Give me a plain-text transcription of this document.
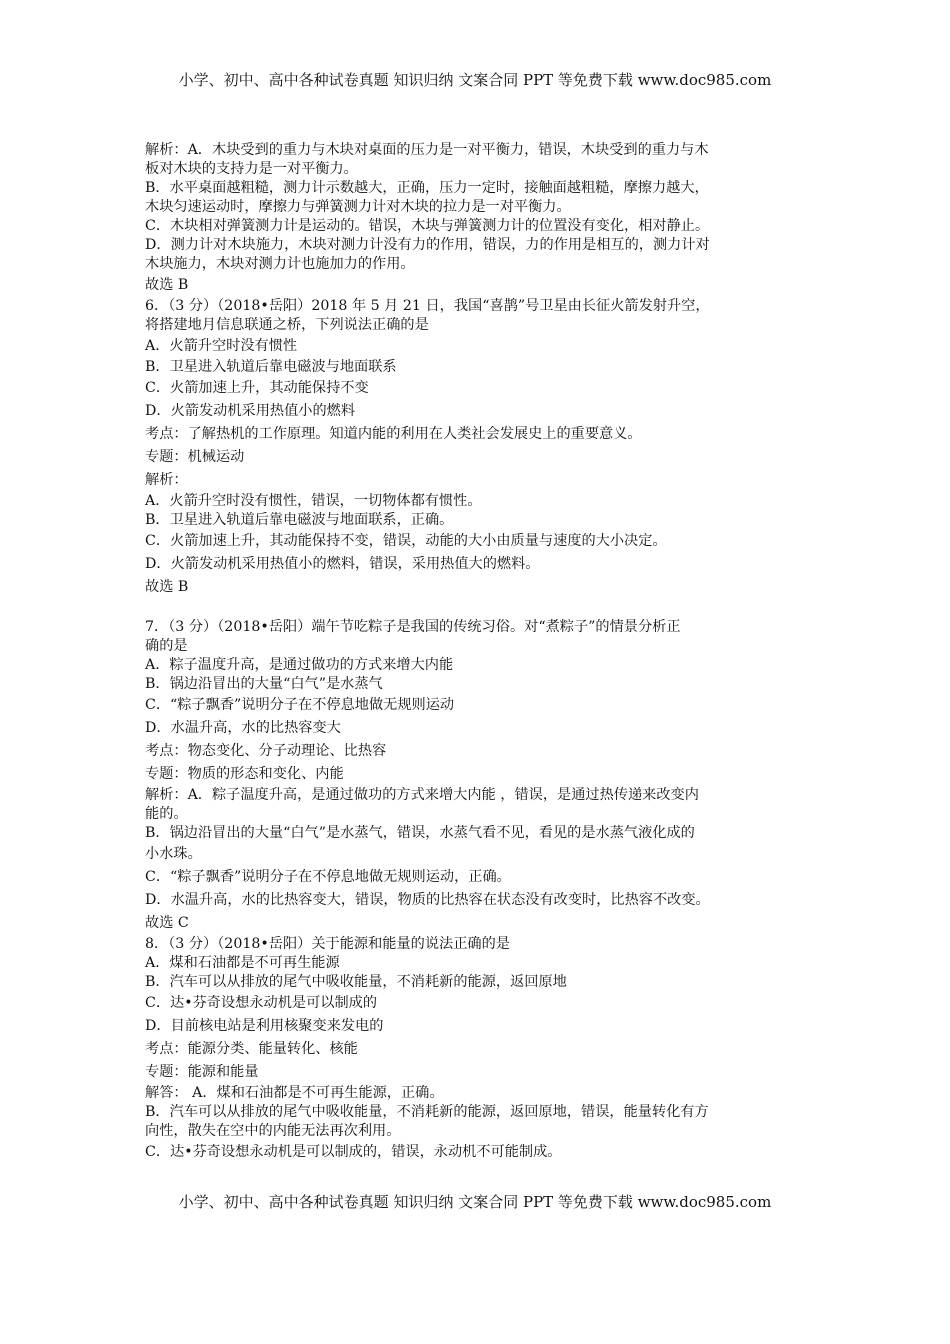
小学、初中、高中各种试卷真题 知识归纳 文案合同 PPT 等免费下载 www.doc985.com
解析：A．木块受到的重力与木块对桌面的压力是一对平衡力，错误，木块受到的重力与木
板对木块的支持力是一对平衡力。
B．水平桌面越粗糙，测力计示数越大，正确，压力一定时，接触面越粗糙，摩擦力越大，
木块匀速运动时，摩擦力与弹簧测力计对木块的拉力是一对平衡力。
C．木块相对弹簧测力计是运动的。错误，木块与弹簧测力计的位置没有变化，相对静止。
D．测力计对木块施力，木块对测力计没有力的作用，错误，力的作用是相互的，测力计对
木块施力，木块对测力计也施加力的作用。
故选 B
6．（3 分）（2018•岳阳）2018 年 5 月 21 日，我国“喜鹊”号卫星由长征火箭发射升空，
将搭建地月信息联通之桥，下列说法正确的是
A．火箭升空时没有惯性
B．卫星进入轨道后靠电磁波与地面联系
C．火箭加速上升，其动能保持不变
D．火箭发动机采用热值小的燃料
考点：了解热机的工作原理。知道内能的利用在人类社会发展史上的重要意义。
专题：机械运动
解析：
A．火箭升空时没有惯性，错误，一切物体都有惯性。
B．卫星进入轨道后靠电磁波与地面联系，正确。
C．火箭加速上升，其动能保持不变，错误，动能的大小由质量与速度的大小决定。
D．火箭发动机采用热值小的燃料，错误，采用热值大的燃料。
故选 B
7．（3 分）（2018•岳阳）端午节吃粽子是我国的传统习俗。对“煮粽子”的情景分析正
确的是
A．粽子温度升高，是通过做功的方式来增大内能
B．锅边沿冒出的大量“白气”是水蒸气
C．“粽子飘香”说明分子在不停息地做无规则运动
D．水温升高，水的比热容变大
考点：物态变化、分子动理论、比热容
专题：物质的形态和变化、内能
解析：A．粽子温度升高，是通过做功的方式来增大内能 ，错误，是通过热传递来改变内
能的。
B．锅边沿冒出的大量“白气”是水蒸气，错误，水蒸气看不见，看见的是水蒸气液化成的
小水珠。
C．“粽子飘香”说明分子在不停息地做无规则运动，正确。
D．水温升高，水的比热容变大，错误，物质的比热容在状态没有改变时，比热容不改变。
故选 C
8．（3 分）（2018•岳阳）关于能源和能量的说法正确的是
A．煤和石油都是不可再生能源
B．汽车可以从排放的尾气中吸收能量，不消耗新的能源，返回原地
C．达•芬奇设想永动机是可以制成的
D．目前核电站是利用核聚变来发电的
考点：能源分类、能量转化、核能
专题：能源和能量
解答： A．煤和石油都是不可再生能源，正确。
B．汽车可以从排放的尾气中吸收能量，不消耗新的能源，返回原地，错误，能量转化有方
向性，散失在空中的内能无法再次利用。
C．达•芬奇设想永动机是可以制成的，错误，永动机不可能制成。
小学、初中、高中各种试卷真题 知识归纳 文案合同 PPT 等免费下载 www.doc985.com
